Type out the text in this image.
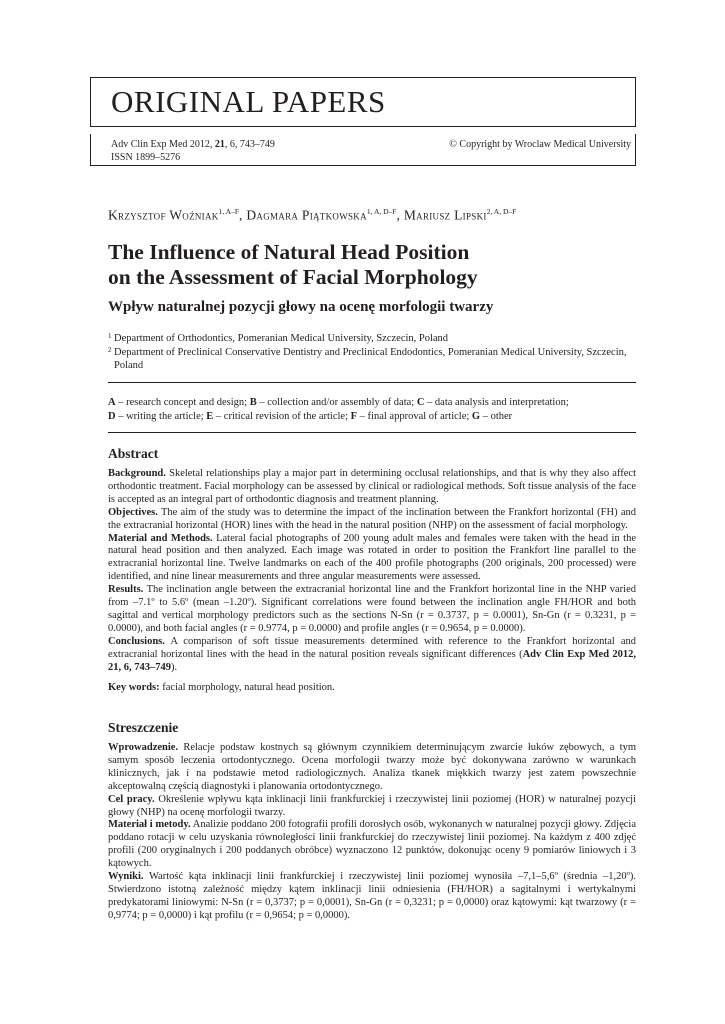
ORIGINAL PAPERS
Adv Clin Exp Med 2012, 21, 6, 743–749
ISSN 1899–5276
© Copyright by Wroclaw Medical University
Krzysztof Woźniak$^{1, A-F}$, Dagmara Piątkowska$^{1, A, D-F}$, Mariusz Lipski$^{2, A, D-F}$
The Influence of Natural Head Position
on the Assessment of Facial Morphology
Wpływ naturalnej pozycji głowy na ocenę morfologii twarzy
1 Department of Orthodontics, Pomeranian Medical University, Szczecin, Poland
2 Department of Preclinical Conservative Dentistry and Preclinical Endodontics, Pomeranian Medical University, Szczecin, Poland
A – research concept and design; B – collection and/or assembly of data; C – data analysis and interpretation;
D – writing the article; E – critical revision of the article; F – final approval of article; G – other
Abstract

Background. Skeletal relationships play a major part in determining occlusal relationships, and that is why they also affect orthodontic treatment. Facial morphology can be assessed by clinical or radiological methods. Soft tissue analysis of the face is accepted as an integral part of orthodontic diagnosis and treatment planning.

Objectives. The aim of the study was to determine the impact of the inclination between the Frankfort horizontal (FH) and the extracranial horizontal (HOR) lines with the head in the natural position (NHP) on the assessment of facial morphology.

Material and Methods. Lateral facial photographs of 200 young adult males and females were taken with the head in the natural head position and then analyzed. Each image was rotated in order to position the Frankfort line parallel to the extracranial horizontal line. Twelve landmarks on each of the 400 profile photographs (200 originals, 200 processed) were identified, and nine linear measurements and three angular measurements were assessed.

Results. The inclination angle between the extracranial horizontal line and the Frankfort horizontal line in the NHP varied from –7.1º to 5.6º (mean –1.20º). Significant correlations were found between the inclination angle FH/HOR and both sagittal and vertical morphology predictors such as the sections N-Sn (r = 0.3737, p = 0.0001), Sn-Gn (r = 0.3231, p = 0.0000), and both facial angles (r = 0.9774, p = 0.0000) and profile angles (r = 0.9654, p = 0.0000).

Conclusions. A comparison of soft tissue measurements determined with reference to the Frankfort horizontal and extracranial horizontal lines with the head in the natural position reveals significant differences (Adv Clin Exp Med 2012, 21, 6, 743–749).

Key words: facial morphology, natural head position.

Streszczenie

Wprowadzenie. Relacje podstaw kostnych są głównym czynnikiem determinującym zwarcie łuków zębowych, a tym samym sposób leczenia ortodontycznego. Ocena morfologii twarzy może być dokonywana zarówno w warunkach klinicznych, jak i na podstawie metod radiologicznych. Analiza tkanek miękkich twarzy jest zatem powszechnie akceptowalną częścią diagnostyki i planowania ortodontycznego.

Cel pracy. Określenie wpływu kąta inklinacji linii frankfurckiej i rzeczywistej linii poziomej (HOR) w naturalnej pozycji głowy (NHP) na ocenę morfologii twarzy.

Materiał i metody. Analizie poddano 200 fotografii profili dorosłych osób, wykonanych w naturalnej pozycji głowy. Zdjęcia poddano rotacji w celu uzyskania równoległości linii frankfurckiej do rzeczywistej linii poziomej. Na każdym z 400 zdjęć profili (200 oryginalnych i 200 poddanych obróbce) wyznaczono 12 punktów, dokonując oceny 9 pomiarów liniowych i 3 kątowych.

Wyniki. Wartość kąta inklinacji linii frankfurckiej i rzeczywistej linii poziomej wynosiła –7,1–5,6º (średnia –1,20º). Stwierdzono istotną zależność między kątem inklinacji linii odniesienia (FH/HOR) a sagitalnymi i wertykalnymi predykatorami liniowymi: N-Sn (r = 0,3737; p = 0,0001), Sn-Gn (r = 0,3231; p = 0,0000) oraz kątowymi: kąt twarzowy (r = 0,9774; p = 0,0000) i kąt profilu (r = 0,9654; p = 0,0000).
